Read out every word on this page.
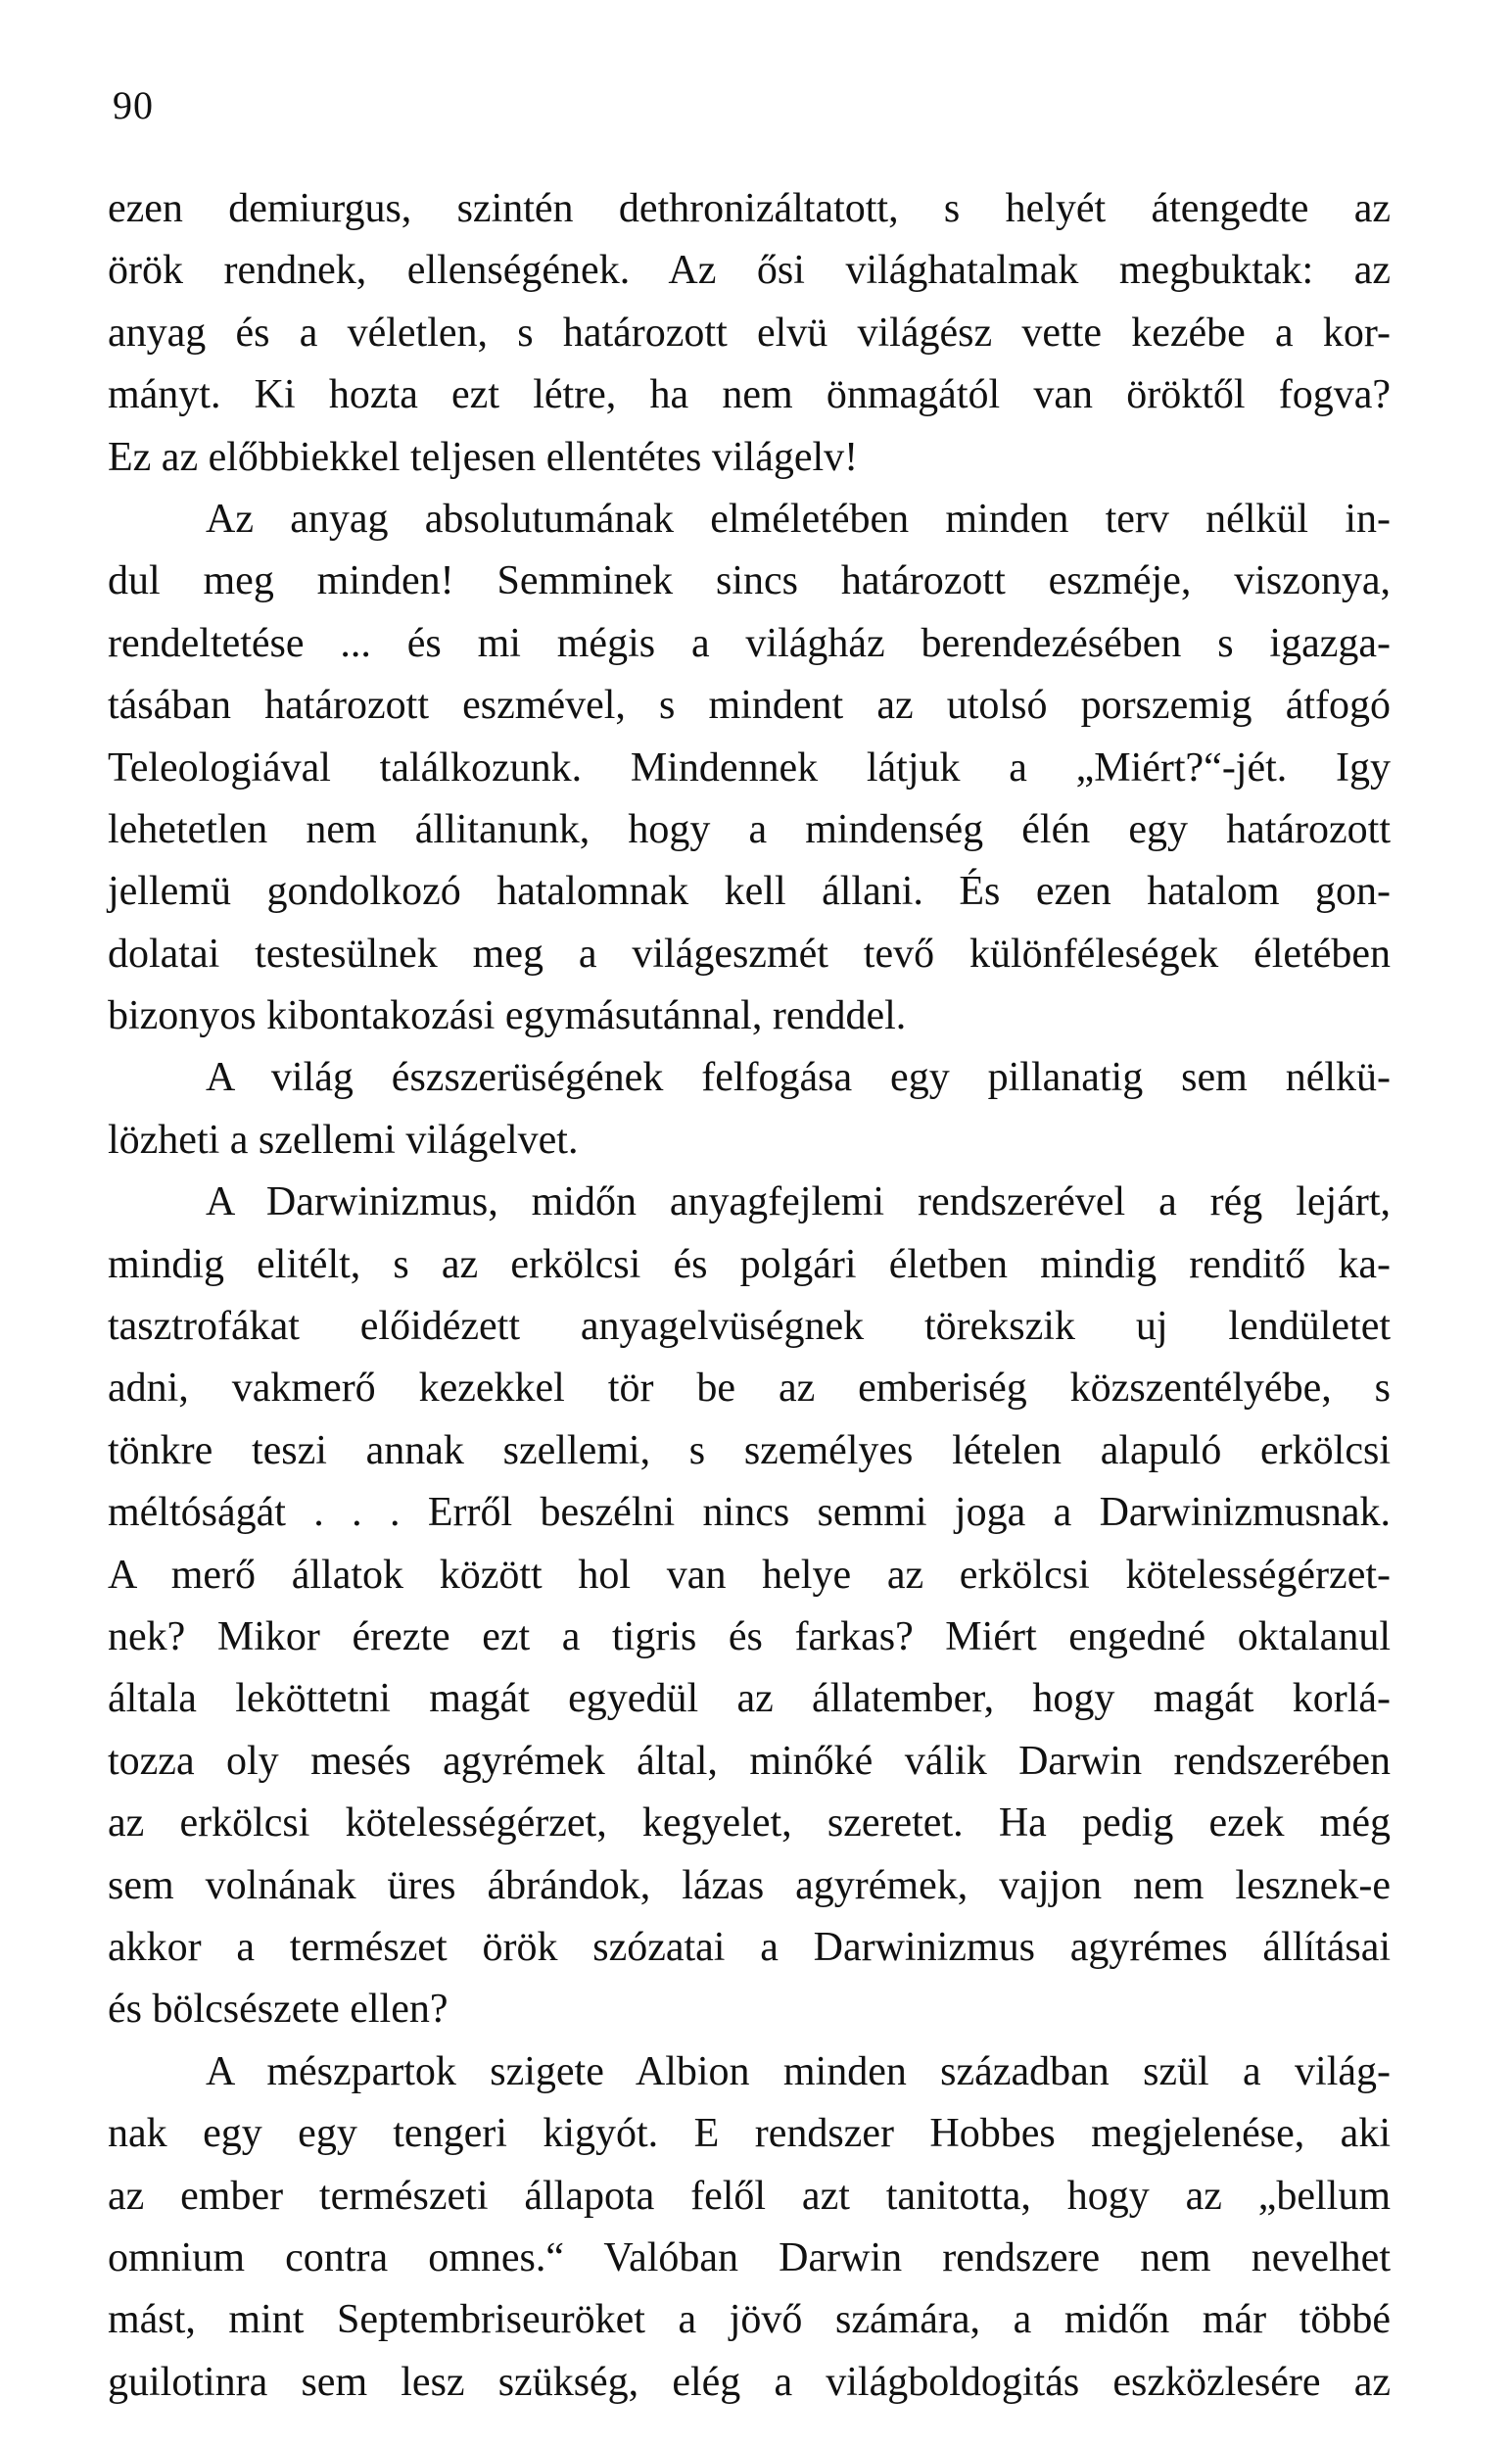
90
ezen demiurgus, szintén dethronizáltatott, s helyét átengedte az
örök rendnek, ellenségének. Az ősi világhatalmak megbuktak: az
anyag és a véletlen, s határozott elvü világész vette kezébe a kor-
mányt. Ki hozta ezt létre, ha nem önmagától van öröktől fogva?
Ez az előbbiekkel teljesen ellentétes világelv!
Az anyag absolutumának elméletében minden terv nélkül in-
dul meg minden! Semminek sincs határozott eszméje, viszonya,
rendeltetése ... és mi mégis a világház berendezésében s igazga-
tásában határozott eszmével, s mindent az utolsó porszemig átfogó
Teleologiával találkozunk. Mindennek látjuk a „Miért?“-jét. Igy
lehetetlen nem állitanunk, hogy a mindenség élén egy határozott
jellemü gondolkozó hatalomnak kell állani. És ezen hatalom gon-
dolatai testesülnek meg a világeszmét tevő különféleségek életében
bizonyos kibontakozási egymásutánnal, renddel.
A világ észszerüségének felfogása egy pillanatig sem nélkü-
lözheti a szellemi világelvet.
A Darwinizmus, midőn anyagfejlemi rendszerével a rég lejárt,
mindig elitélt, s az erkölcsi és polgári életben mindig renditő ka-
tasztrofákat előidézett anyagelvüségnek törekszik uj lendületet
adni, vakmerő kezekkel tör be az emberiség közszentélyébe, s
tönkre teszi annak szellemi, s személyes lételen alapuló erkölcsi
méltóságát . . . Erről beszélni nincs semmi joga a Darwinizmusnak.
A merő állatok között hol van helye az erkölcsi kötelességérzet-
nek? Mikor érezte ezt a tigris és farkas? Miért engedné oktalanul
általa leköttetni magát egyedül az állatember, hogy magát korlá-
tozza oly mesés agyrémek által, minőké válik Darwin rendszerében
az erkölcsi kötelességérzet, kegyelet, szeretet. Ha pedig ezek még
sem volnának üres ábrándok, lázas agyrémek, vajjon nem lesznek-e
akkor a természet örök szózatai a Darwinizmus agyrémes állításai
és bölcsészete ellen?
A mészpartok szigete Albion minden században szül a világ-
nak egy egy tengeri kigyót. E rendszer Hobbes megjelenése, aki
az ember természeti állapota felől azt tanitotta, hogy az „bellum
omnium contra omnes.“ Valóban Darwin rendszere nem nevelhet
mást, mint Septembriseuröket a jövő számára, a midőn már többé
guilotinra sem lesz szükség, elég a világboldogitás eszközlesére az
